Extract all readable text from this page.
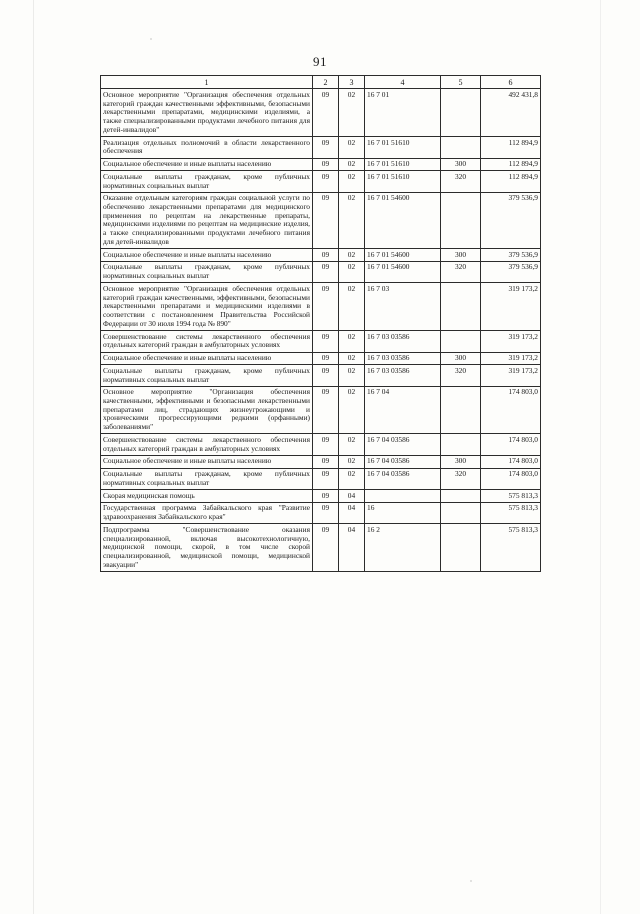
91
1	2	3	4	5	6
Основное мероприятие "Организация обеспечения отдельных категорий граждан качественными эффективными, безопасными лекарственными препаратами, медицинскими изделиями, а также специализированными продуктами лечебного питания для детей-инвалидов"	09	02	16 7 01		492 431,8
Реализация отдельных полномочий в области лекарственного обеспечения	09	02	16 7 01 51610		112 894,9
Социальное обеспечение и иные выплаты населению	09	02	16 7 01 51610	300	112 894,9
Социальные выплаты гражданам, кроме публичных нормативных социальных выплат	09	02	16 7 01 51610	320	112 894,9
Оказание отдельным категориям граждан социальной услуги по обеспечению лекарственными препаратами для медицинского применения по рецептам на лекарственные препараты, медицинскими изделиями по рецептам на медицинские изделия, а также специализированными продуктами лечебного питания для детей-инвалидов	09	02	16 7 01 54600		379 536,9
Социальное обеспечение и иные выплаты населению	09	02	16 7 01 54600	300	379 536,9
Социальные выплаты гражданам, кроме публичных нормативных социальных выплат	09	02	16 7 01 54600	320	379 536,9
Основное мероприятие "Организация обеспечения отдельных категорий граждан качественными, эффективными, безопасными лекарственными препаратами и медицинскими изделиями в соответствии с постановлением Правительства Российской Федерации от 30 июля 1994 года № 890"	09	02	16 7 03		319 173,2
Совершенствование системы лекарственного обеспечения отдельных категорий граждан в амбулаторных условиях	09	02	16 7 03 03586		319 173,2
Социальное обеспечение и иные выплаты населению	09	02	16 7 03 03586	300	319 173,2
Социальные выплаты гражданам, кроме публичных нормативных социальных выплат	09	02	16 7 03 03586	320	319 173,2
Основное мероприятие "Организация обеспечения качественными, эффективными и безопасными лекарственными препаратами лиц, страдающих жизнеугрожающими и хроническими прогрессирующими редкими (орфанными) заболеваниями"	09	02	16 7 04		174 803,0
Совершенствование системы лекарственного обеспечения отдельных категорий граждан в амбулаторных условиях	09	02	16 7 04 03586		174 803,0
Социальное обеспечение и иные выплаты населению	09	02	16 7 04 03586	300	174 803,0
Социальные выплаты гражданам, кроме публичных нормативных социальных выплат	09	02	16 7 04 03586	320	174 803,0
Скорая медицинская помощь	09	04			575 813,3
Государственная программа Забайкальского края "Развитие здравоохранения Забайкальского края"	09	04	16		575 813,3
Подпрограмма "Совершенствование оказания специализированной, включая высокотехнологичную, медицинской помощи, скорой, в том числе скорой специализированной, медицинской помощи, медицинской эвакуации"	09	04	16 2		575 813,3
